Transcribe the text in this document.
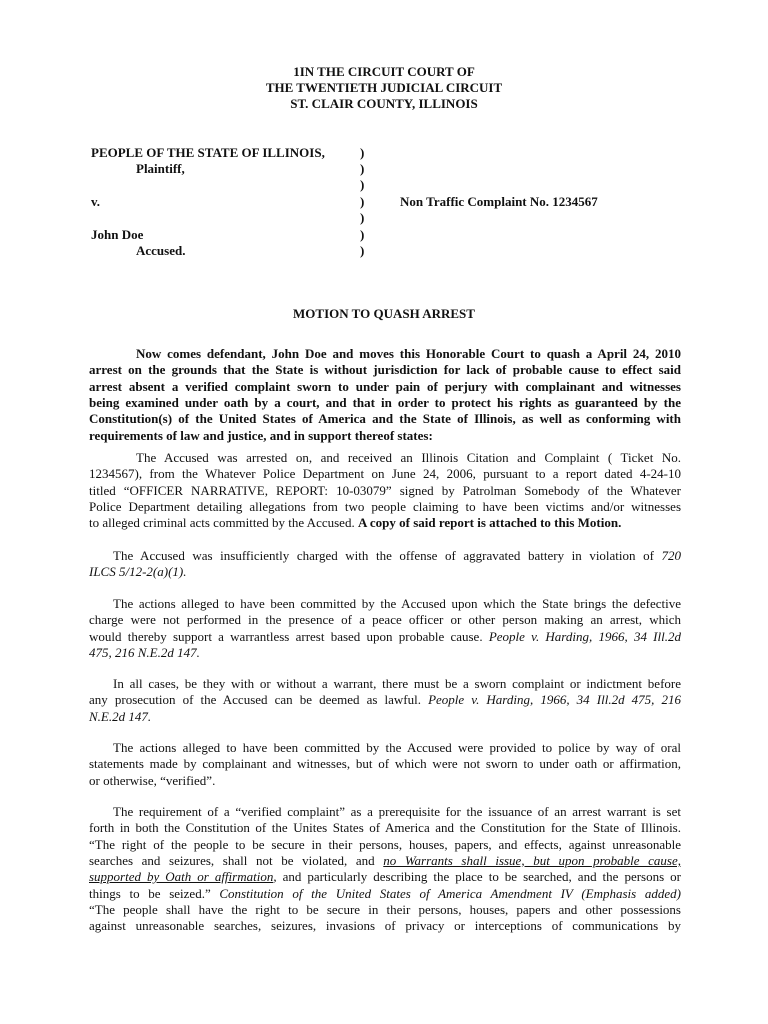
1IN THE CIRCUIT COURT OF
THE TWENTIETH JUDICIAL CIRCUIT
ST. CLAIR COUNTY, ILLINOIS
PEOPLE OF THE STATE OF ILLINOIS,
Plaintiff,
v.
John Doe
Accused.
)
)
)
)
)
)
)
Non Traffic Complaint No. 1234567
MOTION TO QUASH ARREST
Now comes defendant, John Doe and moves this Honorable Court to quash a April 24, 2010
arrest on the grounds that the State is without jurisdiction for lack of probable cause to effect said
arrest absent a verified complaint sworn to under pain of perjury with complainant and witnesses
being examined under oath by a court, and that in order to protect his rights as guaranteed by the
Constitution(s) of the United States of America and the State of Illinois, as well as conforming with
requirements of law and justice, and in support thereof states:
The Accused was arrested on, and received an Illinois Citation and Complaint ( Ticket No.
1234567), from the Whatever Police Department on June 24, 2006, pursuant to a report dated 4-24-10
titled “OFFICER NARRATIVE, REPORT: 10-03079” signed by Patrolman Somebody of the Whatever
Police Department detailing allegations from two people claiming to have been victims and/or witnesses
to alleged criminal acts committed by the Accused. A copy of said report is attached to this Motion.
The Accused was insufficiently charged with the offense of aggravated battery in violation of 720
ILCS 5/12-2(a)(1).
The actions alleged to have been committed by the Accused upon which the State brings the defective
charge were not performed in the presence of a peace officer or other person making an arrest, which
would thereby support a warrantless arrest based upon probable cause. People v. Harding, 1966, 34 Ill.2d
475, 216 N.E.2d 147.
In all cases, be they with or without a warrant, there must be a sworn complaint or indictment before
any prosecution of the Accused can be deemed as lawful. People v. Harding, 1966, 34 Ill.2d 475, 216
N.E.2d 147.
The actions alleged to have been committed by the Accused were provided to police by way of oral
statements made by complainant and witnesses, but of which were not sworn to under oath or affirmation,
or otherwise, “verified”.
The requirement of a “verified complaint” as a prerequisite for the issuance of an arrest warrant is set
forth in both the Constitution of the Unites States of America and the Constitution for the State of Illinois.
“The right of the people to be secure in their persons, houses, papers, and effects, against unreasonable
searches and seizures, shall not be violated, and no Warrants shall issue, but upon probable cause,
supported by Oath or affirmation, and particularly describing the place to be searched, and the persons or
things to be seized.” Constitution of the United States of America Amendment IV (Emphasis added)
“The people shall have the right to be secure in their persons, houses, papers and other possessions
against unreasonable searches, seizures, invasions of privacy or interceptions of communications by
